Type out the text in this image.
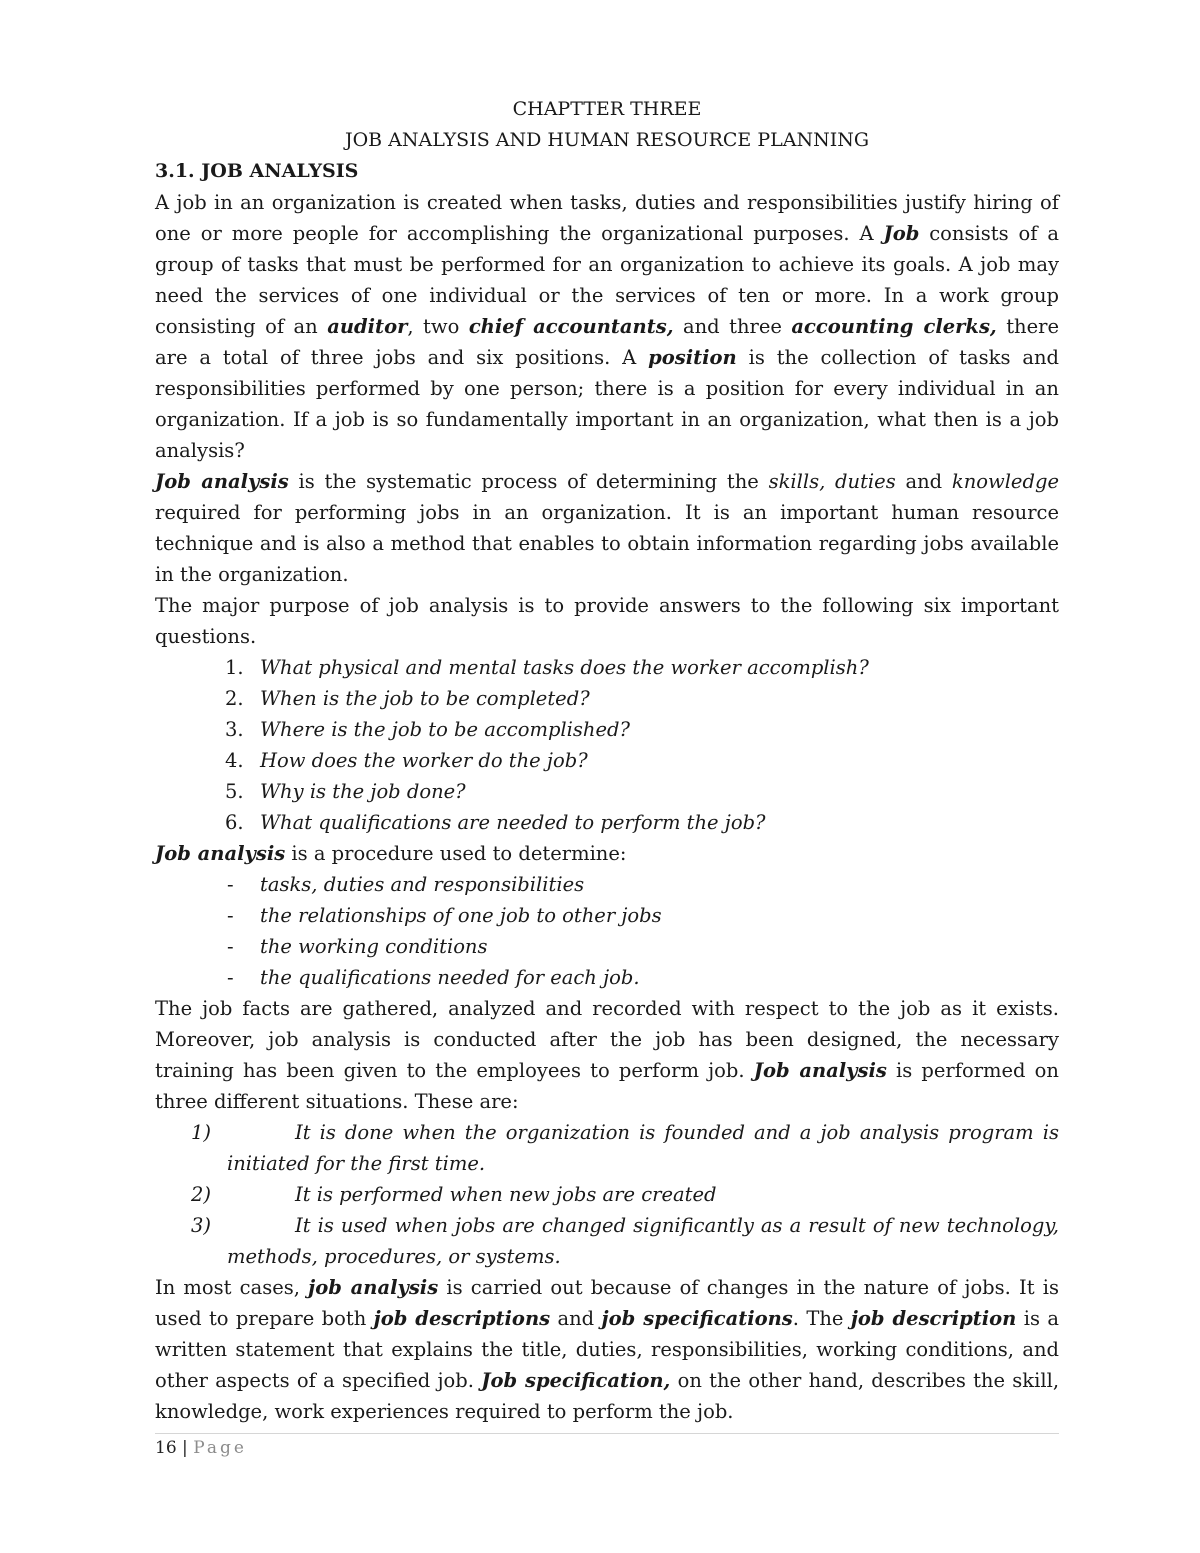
CHAPTTER THREE
JOB ANALYSIS AND HUMAN RESOURCE PLANNING
3.1. JOB ANALYSIS

A job in an organization is created when tasks, duties and responsibilities justify hiring of one or more people for accomplishing the organizational purposes. A Job consists of a group of tasks that must be performed for an organization to achieve its goals. A job may need the services of one individual or the services of ten or more. In a work group consisting of an auditor, two chief accountants, and three accounting clerks, there are a total of three jobs and six positions. A position is the collection of tasks and responsibilities performed by one person; there is a position for every individual in an organization. If a job is so fundamentally important in an organization, what then is a job analysis?

Job analysis is the systematic process of determining the skills, duties and knowledge required for performing jobs in an organization. It is an important human resource technique and is also a method that enables to obtain information regarding jobs available in the organization.

The major purpose of job analysis is to provide answers to the following six important questions.

1. What physical and mental tasks does the worker accomplish?
2. When is the job to be completed?
3. Where is the job to be accomplished?
4. How does the worker do the job?
5. Why is the job done?
6. What qualifications are needed to perform the job?

Job analysis is a procedure used to determine:

- tasks, duties and responsibilities
- the relationships of one job to other jobs
- the working conditions
- the qualifications needed for each job.

The job facts are gathered, analyzed and recorded with respect to the job as it exists. Moreover, job analysis is conducted after the job has been designed, the necessary training has been given to the employees to perform job. Job analysis is performed on three different situations. These are:

1)	It is done when the organization is founded and a job analysis program is initiated for the first time.
2)	It is performed when new jobs are created
3)	It is used when jobs are changed significantly as a result of new technology, methods, procedures, or systems.

In most cases, job analysis is carried out because of changes in the nature of jobs. It is used to prepare both job descriptions and job specifications. The job description is a written statement that explains the title, duties, responsibilities, working conditions, and other aspects of a specified job. Job specification, on the other hand, describes the skill, knowledge, work experiences required to perform the job.

16 | Page
